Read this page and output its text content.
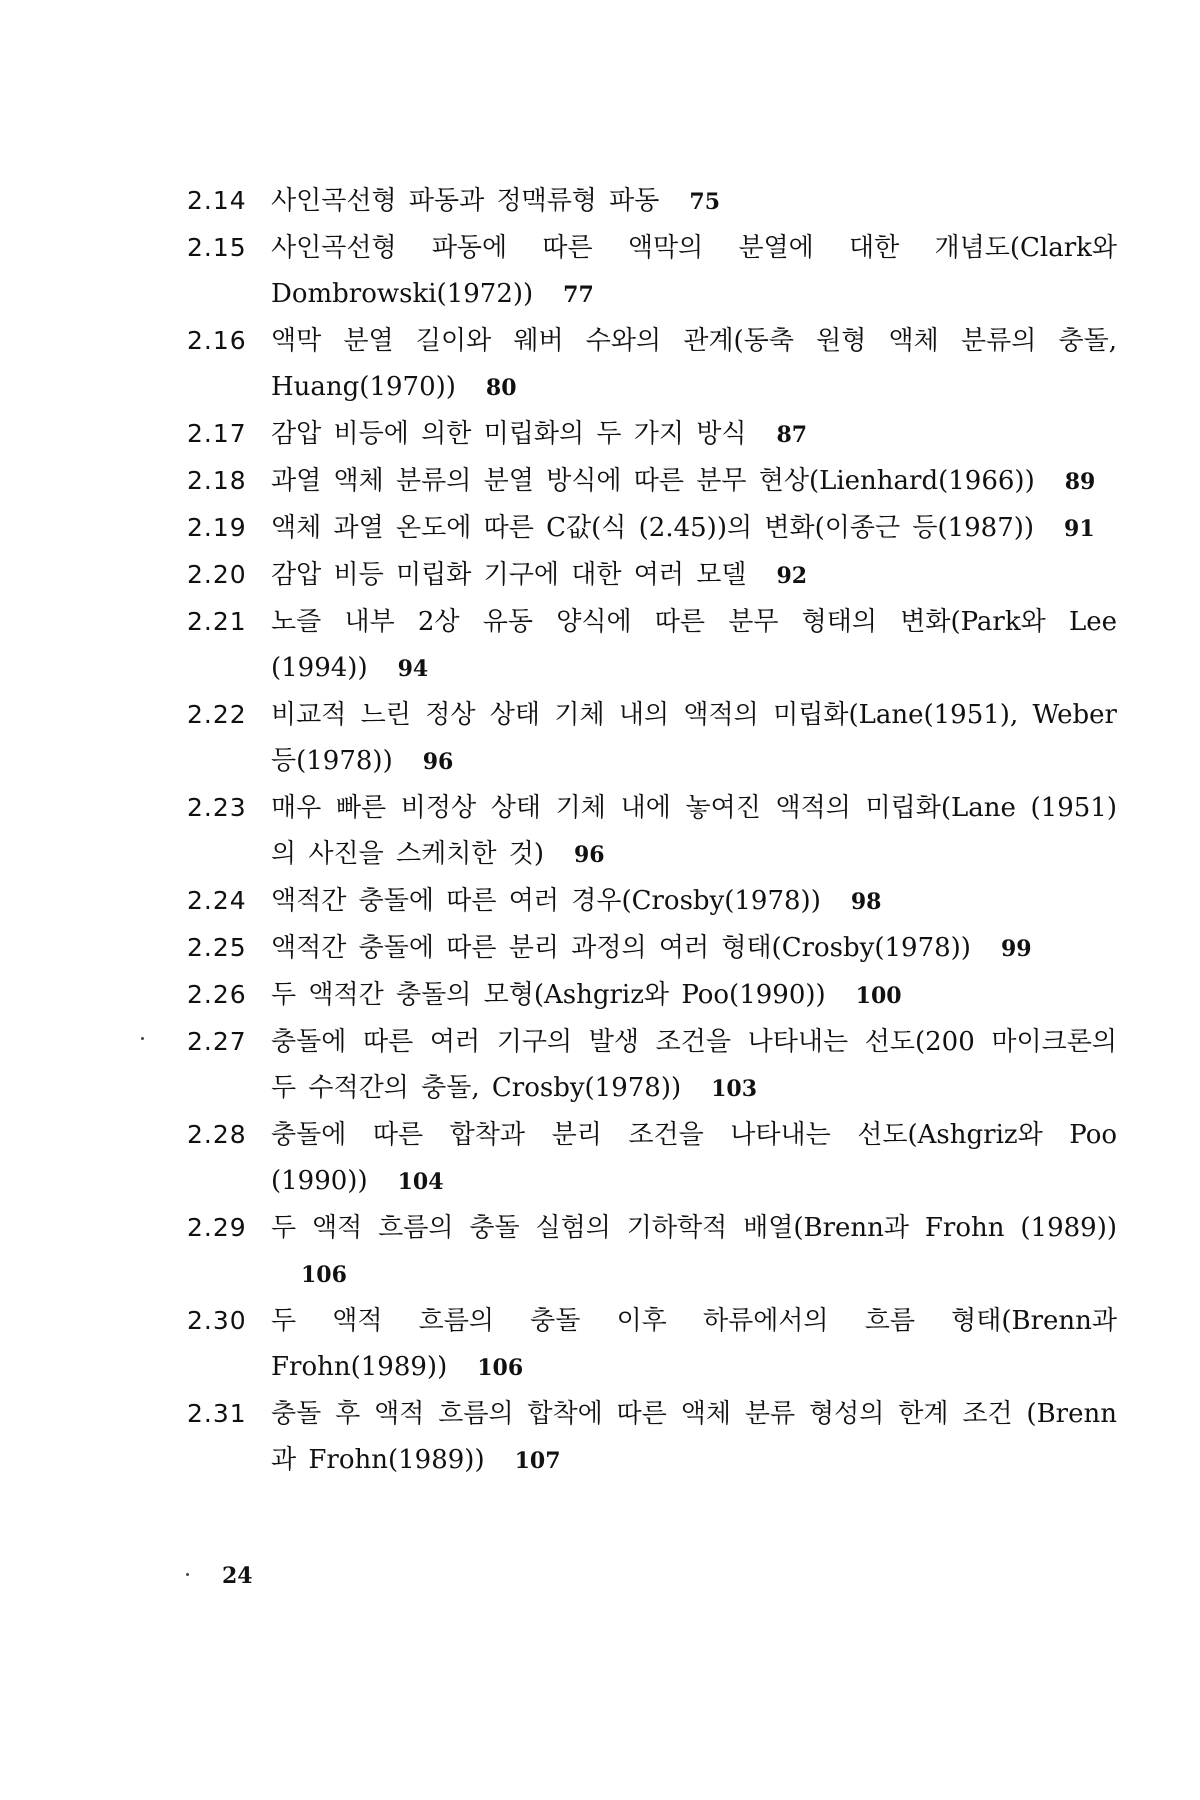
2.14 사인곡선형 파동과 정맥류형 파동 75
2.15 사인곡선형 파동에 따른 액막의 분열에 대한 개념도(Clark와 Dombrowski(1972)) 77
2.16 액막 분열 길이와 웨버 수와의 관계(동축 원형 액체 분류의 충돌, Huang(1970)) 80
2.17 감압 비등에 의한 미립화의 두 가지 방식 87
2.18 과열 액체 분류의 분열 방식에 따른 분무 현상(Lienhard(1966)) 89
2.19 액체 과열 온도에 따른 C값(식 (2.45))의 변화(이종근 등(1987)) 91
2.20 감압 비등 미립화 기구에 대한 여러 모델 92
2.21 노즐 내부 2상 유동 양식에 따른 분무 형태의 변화(Park와 Lee (1994)) 94
2.22 비교적 느린 정상 상태 기체 내의 액적의 미립화(Lane(1951), Weber 등(1978)) 96
2.23 매우 빠른 비정상 상태 기체 내에 놓여진 액적의 미립화(Lane (1951)의 사진을 스케치한 것) 96
2.24 액적간 충돌에 따른 여러 경우(Crosby(1978)) 98
2.25 액적간 충돌에 따른 분리 과정의 여러 형태(Crosby(1978)) 99
2.26 두 액적간 충돌의 모형(Ashgriz와 Poo(1990)) 100
2.27 충돌에 따른 여러 기구의 발생 조건을 나타내는 선도(200 마이크론의 두 수적간의 충돌, Crosby(1978)) 103
2.28 충돌에 따른 합착과 분리 조건을 나타내는 선도(Ashgriz와 Poo (1990)) 104
2.29 두 액적 흐름의 충돌 실험의 기하학적 배열(Brenn과 Frohn (1989))106
2.30 두 액적 흐름의 충돌 이후 하류에서의 흐름 형태(Brenn과 Frohn(1989)) 106
2.31 충돌 후 액적 흐름의 합착에 따른 액체 분류 형성의 한계 조건 (Brenn과 Frohn(1989)) 107
24
